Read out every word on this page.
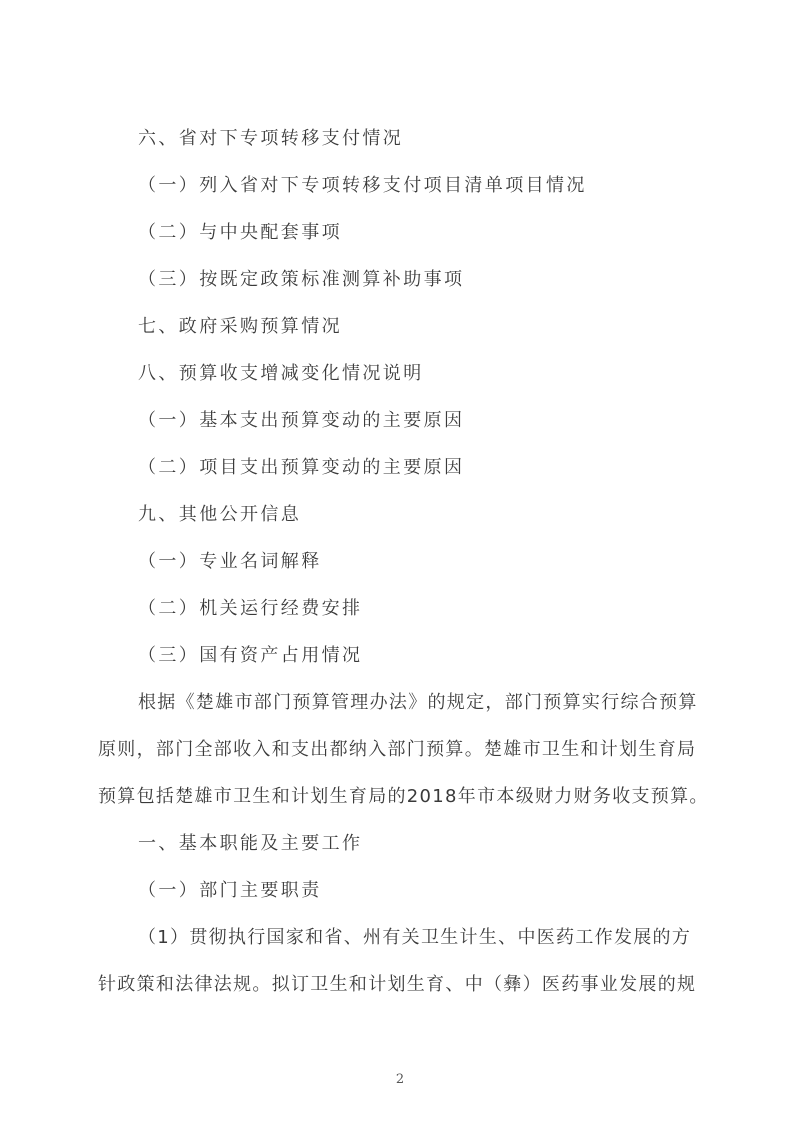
六、省对下专项转移支付情况
（一）列入省对下专项转移支付项目清单项目情况
（二）与中央配套事项
（三）按既定政策标准测算补助事项
七、政府采购预算情况
八、预算收支增减变化情况说明
（一）基本支出预算变动的主要原因
（二）项目支出预算变动的主要原因
九、其他公开信息
（一）专业名词解释
（二）机关运行经费安排
（三）国有资产占用情况
根据《楚雄市部门预算管理办法》的规定，部门预算实行综合预算
原则，部门全部收入和支出都纳入部门预算。楚雄市卫生和计划生育局
预算包括楚雄市卫生和计划生育局的2018年市本级财力财务收支预算。
一、基本职能及主要工作
（一）部门主要职责
（1）贯彻执行国家和省、州有关卫生计生、中医药工作发展的方
针政策和法律法规。拟订卫生和计划生育、中（彝）医药事业发展的规
2
